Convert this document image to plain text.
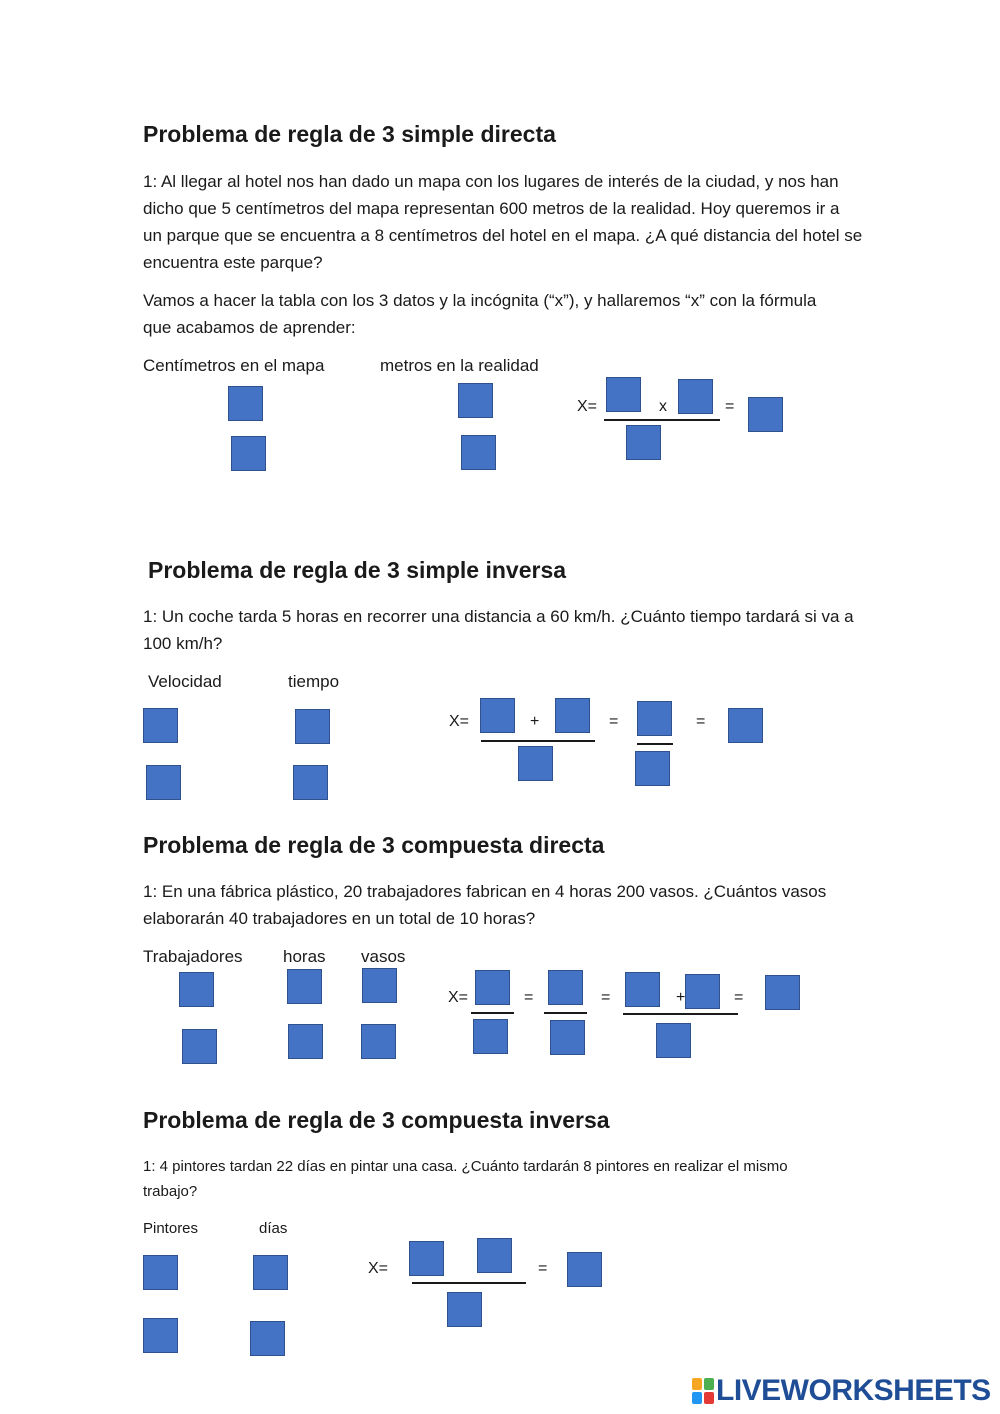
Problema de regla de 3 simple directa
1: Al llegar al hotel nos han dado un mapa con los lugares de interés de la ciudad, y nos han dicho que 5 centímetros del mapa representan 600 metros de la realidad. Hoy queremos ir a un parque que se encuentra a 8 centímetros del hotel en el mapa. ¿A qué distancia del hotel se encuentra este parque?
Vamos a hacer la tabla con los 3 datos y la incógnita (“x”), y hallaremos “x” con la fórmula que acabamos de aprender:
Centímetros en el mapa	metros en la realidad
X=	x	=
Problema de regla de 3 simple inversa
1: Un coche tarda 5 horas en recorrer una distancia a 60 km/h. ¿Cuánto tiempo tardará si va a 100 km/h?
Velocidad	tiempo
X=	+	=	=
Problema de regla de 3 compuesta directa
1: En una fábrica plástico, 20 trabajadores fabrican en 4 horas 200 vasos. ¿Cuántos vasos elaborarán 40 trabajadores en un total de 10 horas?
Trabajadores horas vasos
X=	=	=	+	=
Problema de regla de 3 compuesta inversa
1: 4 pintores tardan 22 días en pintar una casa. ¿Cuánto tardarán 8 pintores en realizar el mismo trabajo?
Pintores	días
X=	=
LIVEWORKSHEETS
